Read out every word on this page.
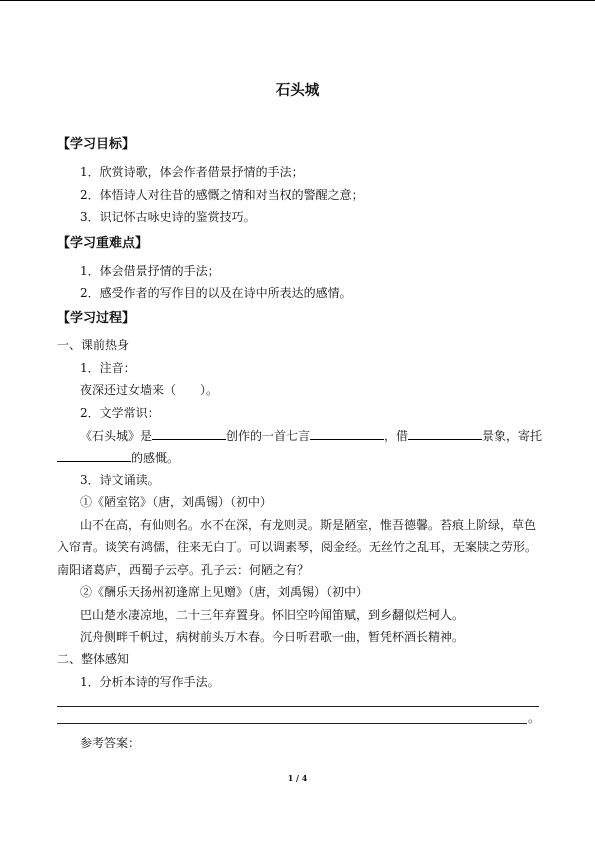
石头城
【学习目标】
1．欣赏诗歌，体会作者借景抒情的手法；
2．体悟诗人对往昔的感慨之情和对当权的警醒之意；
3．识记怀古咏史诗的鉴赏技巧。
【学习重难点】
1．体会借景抒情的手法；
2．感受作者的写作目的以及在诗中所表达的感情。
【学习过程】
一、课前热身
1．注音：
夜深还过女墙来（　　）。
2．文学常识：
《石头城》是	创作的一首七言	，借	景象，寄托
的感慨。
3．诗文诵读。
①《陋室铭》（唐，刘禹锡）（初中）
山不在高，有仙则名。水不在深，有龙则灵。斯是陋室，惟吾德馨。苔痕上阶绿，草色
入帘青。谈笑有鸿儒，往来无白丁。可以调素琴，阅金经。无丝竹之乱耳，无案牍之劳形。
南阳诸葛庐，西蜀子云亭。孔子云：何陋之有？
②《酬乐天扬州初逢席上见赠》（唐，刘禹锡）（初中）
巴山楚水凄凉地，二十三年弃置身。怀旧空吟闻笛赋，到乡翻似烂柯人。
沉舟侧畔千帆过，病树前头万木春。今日听君歌一曲，暂凭杯酒长精神。
二、整体感知
1．分析本诗的写作手法。
。
参考答案：
1 / 4
